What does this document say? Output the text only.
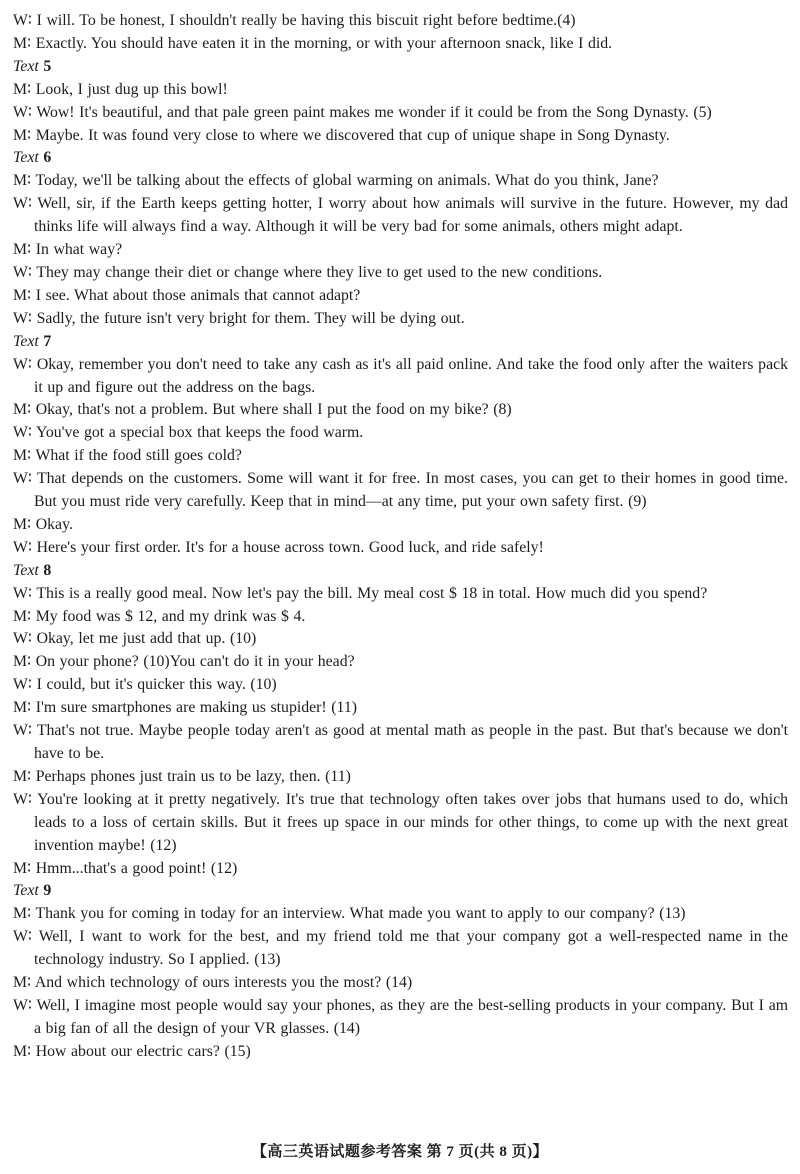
W∶ I will. To be honest, I shouldn't really be having this biscuit right before bedtime.(4)

M∶ Exactly. You should have eaten it in the morning, or with your afternoon snack, like I did.

Text 5

M∶ Look, I just dug up this bowl!

W∶ Wow! It's beautiful, and that pale green paint makes me wonder if it could be from the Song Dynasty. (5)

M∶ Maybe. It was found very close to where we discovered that cup of unique shape in Song Dynasty.

Text 6

M∶ Today, we'll be talking about the effects of global warming on animals. What do you think, Jane?

W∶ Well, sir, if the Earth keeps getting hotter, I worry about how animals will survive in the future. However, my dad thinks life will always find a way. Although it will be very bad for some animals, others might adapt.

M∶ In what way?

W∶ They may change their diet or change where they live to get used to the new conditions.

M∶ I see. What about those animals that cannot adapt?

W∶ Sadly, the future isn't very bright for them. They will be dying out.

Text 7

W∶ Okay, remember you don't need to take any cash as it's all paid online. And take the food only after the waiters pack it up and figure out the address on the bags.

M∶ Okay, that's not a problem. But where shall I put the food on my bike? (8)

W∶ You've got a special box that keeps the food warm.

M∶ What if the food still goes cold?

W∶ That depends on the customers. Some will want it for free. In most cases, you can get to their homes in good time. But you must ride very carefully. Keep that in mind—at any time, put your own safety first. (9)

M∶ Okay.

W∶ Here's your first order. It's for a house across town. Good luck, and ride safely!

Text 8

W∶ This is a really good meal. Now let's pay the bill. My meal cost $ 18 in total. How much did you spend?

M∶ My food was $ 12, and my drink was $ 4.

W∶ Okay, let me just add that up. (10)

M∶ On your phone? (10)You can't do it in your head?

W∶ I could, but it's quicker this way. (10)

M∶ I'm sure smartphones are making us stupider! (11)

W∶ That's not true. Maybe people today aren't as good at mental math as people in the past. But that's because we don't have to be.

M∶ Perhaps phones just train us to be lazy, then. (11)

W∶ You're looking at it pretty negatively. It's true that technology often takes over jobs that humans used to do, which leads to a loss of certain skills. But it frees up space in our minds for other things, to come up with the next great invention maybe! (12)

M∶ Hmm...that's a good point! (12)

Text 9

M∶ Thank you for coming in today for an interview. What made you want to apply to our company? (13)

W∶ Well, I want to work for the best, and my friend told me that your company got a well-respected name in the technology industry. So I applied. (13)

M∶ And which technology of ours interests you the most? (14)

W∶ Well, I imagine most people would say your phones, as they are the best-selling products in your company. But I am a big fan of all the design of your VR glasses. (14)

M∶ How about our electric cars? (15)

【高三英语试题参考答案 第 7 页(共 8 页)】
